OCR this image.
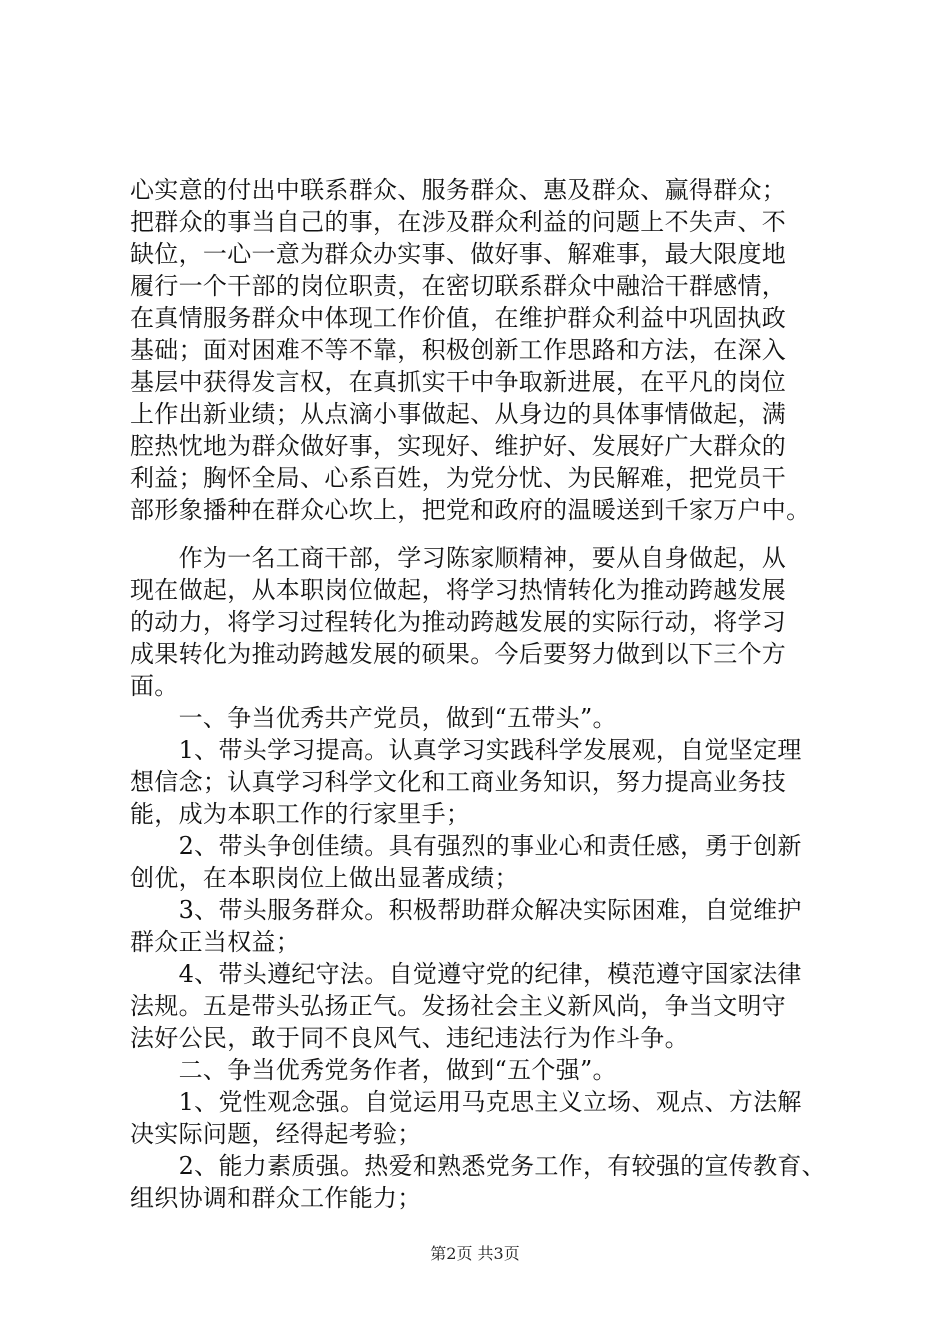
心实意的付出中联系群众、服务群众、惠及群众、赢得群众；
把群众的事当自己的事，在涉及群众利益的问题上不失声、不
缺位，一心一意为群众办实事、做好事、解难事，最大限度地
履行一个干部的岗位职责，在密切联系群众中融洽干群感情，
在真情服务群众中体现工作价值，在维护群众利益中巩固执政
基础；面对困难不等不靠，积极创新工作思路和方法，在深入
基层中获得发言权，在真抓实干中争取新进展，在平凡的岗位
上作出新业绩；从点滴小事做起、从身边的具体事情做起，满
腔热忱地为群众做好事，实现好、维护好、发展好广大群众的
利益；胸怀全局、心系百姓，为党分忧、为民解难，把党员干
部形象播种在群众心坎上，把党和政府的温暖送到千家万户中。
　　作为一名工商干部，学习陈家顺精神，要从自身做起，从
现在做起，从本职岗位做起，将学习热情转化为推动跨越发展
的动力，将学习过程转化为推动跨越发展的实际行动，将学习
成果转化为推动跨越发展的硕果。今后要努力做到以下三个方
面。
　　一、争当优秀共产党员，做到“五带头”。
　　1、带头学习提高。认真学习实践科学发展观，自觉坚定理
想信念；认真学习科学文化和工商业务知识，努力提高业务技
能，成为本职工作的行家里手；
　　2、带头争创佳绩。具有强烈的事业心和责任感，勇于创新
创优，在本职岗位上做出显著成绩；
　　3、带头服务群众。积极帮助群众解决实际困难，自觉维护
群众正当权益；
　　4、带头遵纪守法。自觉遵守党的纪律，模范遵守国家法律
法规。五是带头弘扬正气。发扬社会主义新风尚，争当文明守
法好公民，敢于同不良风气、违纪违法行为作斗争。
　　二、争当优秀党务作者，做到“五个强”。
　　1、党性观念强。自觉运用马克思主义立场、观点、方法解
决实际问题，经得起考验；
　　2、能力素质强。热爱和熟悉党务工作，有较强的宣传教育、
组织协调和群众工作能力；
第2页 共3页
